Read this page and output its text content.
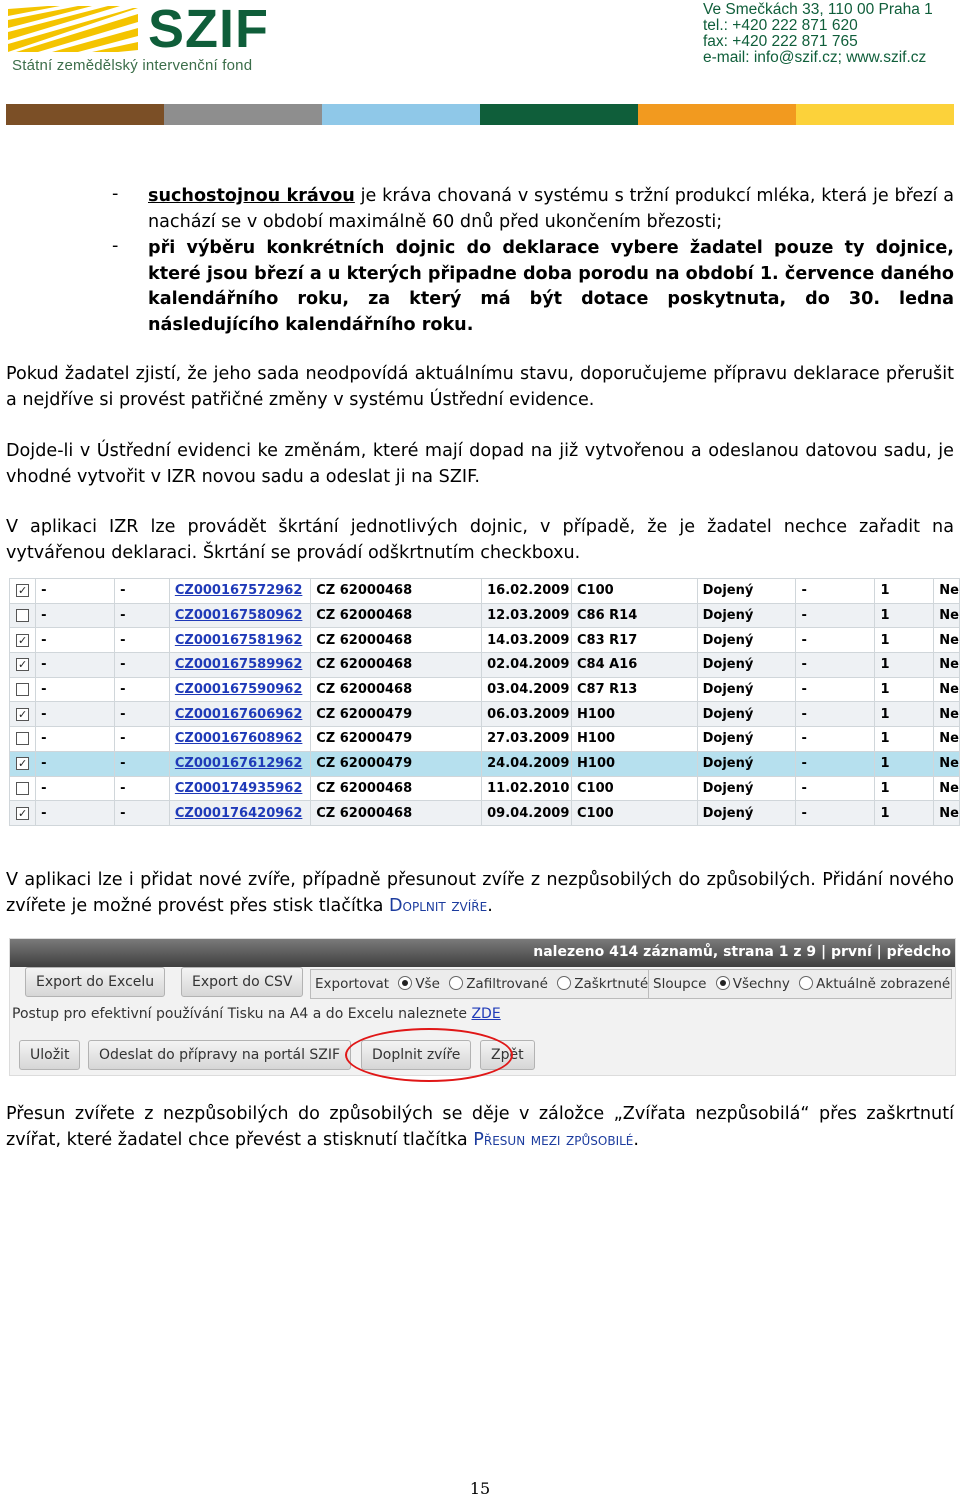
SZIF
Státní zemědělský intervenční fond
Ve Smečkách 33, 110 00 Praha 1
tel.: +420 222 871 620
fax: +420 222 871 765
e-mail: info@szif.cz; www.szif.cz
- suchostojnou krávou je kráva chovaná v systému s tržní produkcí mléka, která je březí a nachází se v období maximálně 60 dnů před ukončením březosti;
- při výběru konkrétních dojnic do deklarace vybere žadatel pouze ty dojnice, které jsou březí a u kterých připadne doba porodu na období 1. července daného kalendářního roku, za který má být dotace poskytnuta, do 30. ledna následujícího kalendářního roku.
Pokud žadatel zjistí, že jeho sada neodpovídá aktuálnímu stavu, doporučujeme přípravu deklarace přerušit a nejdříve si provést patřičné změny v systému Ústřední evidence.
Dojde-li v Ústřední evidenci ke změnám, které mají dopad na již vytvořenou a odeslanou datovou sadu, je vhodné vytvořit v IZR novou sadu a odeslat ji na SZIF.
V aplikaci IZR lze provádět škrtání jednotlivých dojnic, v případě, že je žadatel nechce zařadit na vytvářenou deklaraci. Škrtání se provádí odškrtnutím checkboxu.
✓	-	-	CZ000167572962	CZ 62000468	16.02.2009	C100	Dojený	-	1	Ne
	-	-	CZ000167580962	CZ 62000468	12.03.2009	C86 R14	Dojený	-	1	Ne
✓	-	-	CZ000167581962	CZ 62000468	14.03.2009	C83 R17	Dojený	-	1	Ne
✓	-	-	CZ000167589962	CZ 62000468	02.04.2009	C84 A16	Dojený	-	1	Ne
	-	-	CZ000167590962	CZ 62000468	03.04.2009	C87 R13	Dojený	-	1	Ne
✓	-	-	CZ000167606962	CZ 62000479	06.03.2009	H100	Dojený	-	1	Ne
	-	-	CZ000167608962	CZ 62000479	27.03.2009	H100	Dojený	-	1	Ne
✓	-	-	CZ000167612962	CZ 62000479	24.04.2009	H100	Dojený	-	1	Ne
	-	-	CZ000174935962	CZ 62000468	11.02.2010	C100	Dojený	-	1	Ne
✓	-	-	CZ000176420962	CZ 62000468	09.04.2009	C100	Dojený	-	1	Ne
V aplikaci lze i přidat nové zvíře, případně přesunout zvíře z nezpůsobilých do způsobilých. Přidání nového zvířete je možné provést přes stisk tlačítka Doplnit zvíře.
nalezeno 414 záznamů, strana 1 z 9 | první | předcho
Export do Excelu	Export do CSV	Exportovat Vše Zafiltrované Zaškrtnuté Sloupce Všechny Aktuálně zobrazené
Postup pro efektivní používání Tisku na A4 a do Excelu naleznete ZDE
Uložit	Odeslat do přípravy na portál SZIF	Doplnit zvíře	Zpět
Přesun zvířete z nezpůsobilých do způsobilých se děje v záložce „Zvířata nezpůsobilá“ přes zaškrtnutí zvířat, které žadatel chce převést a stisknutí tlačítka Přesun mezi způsobilé.
15
